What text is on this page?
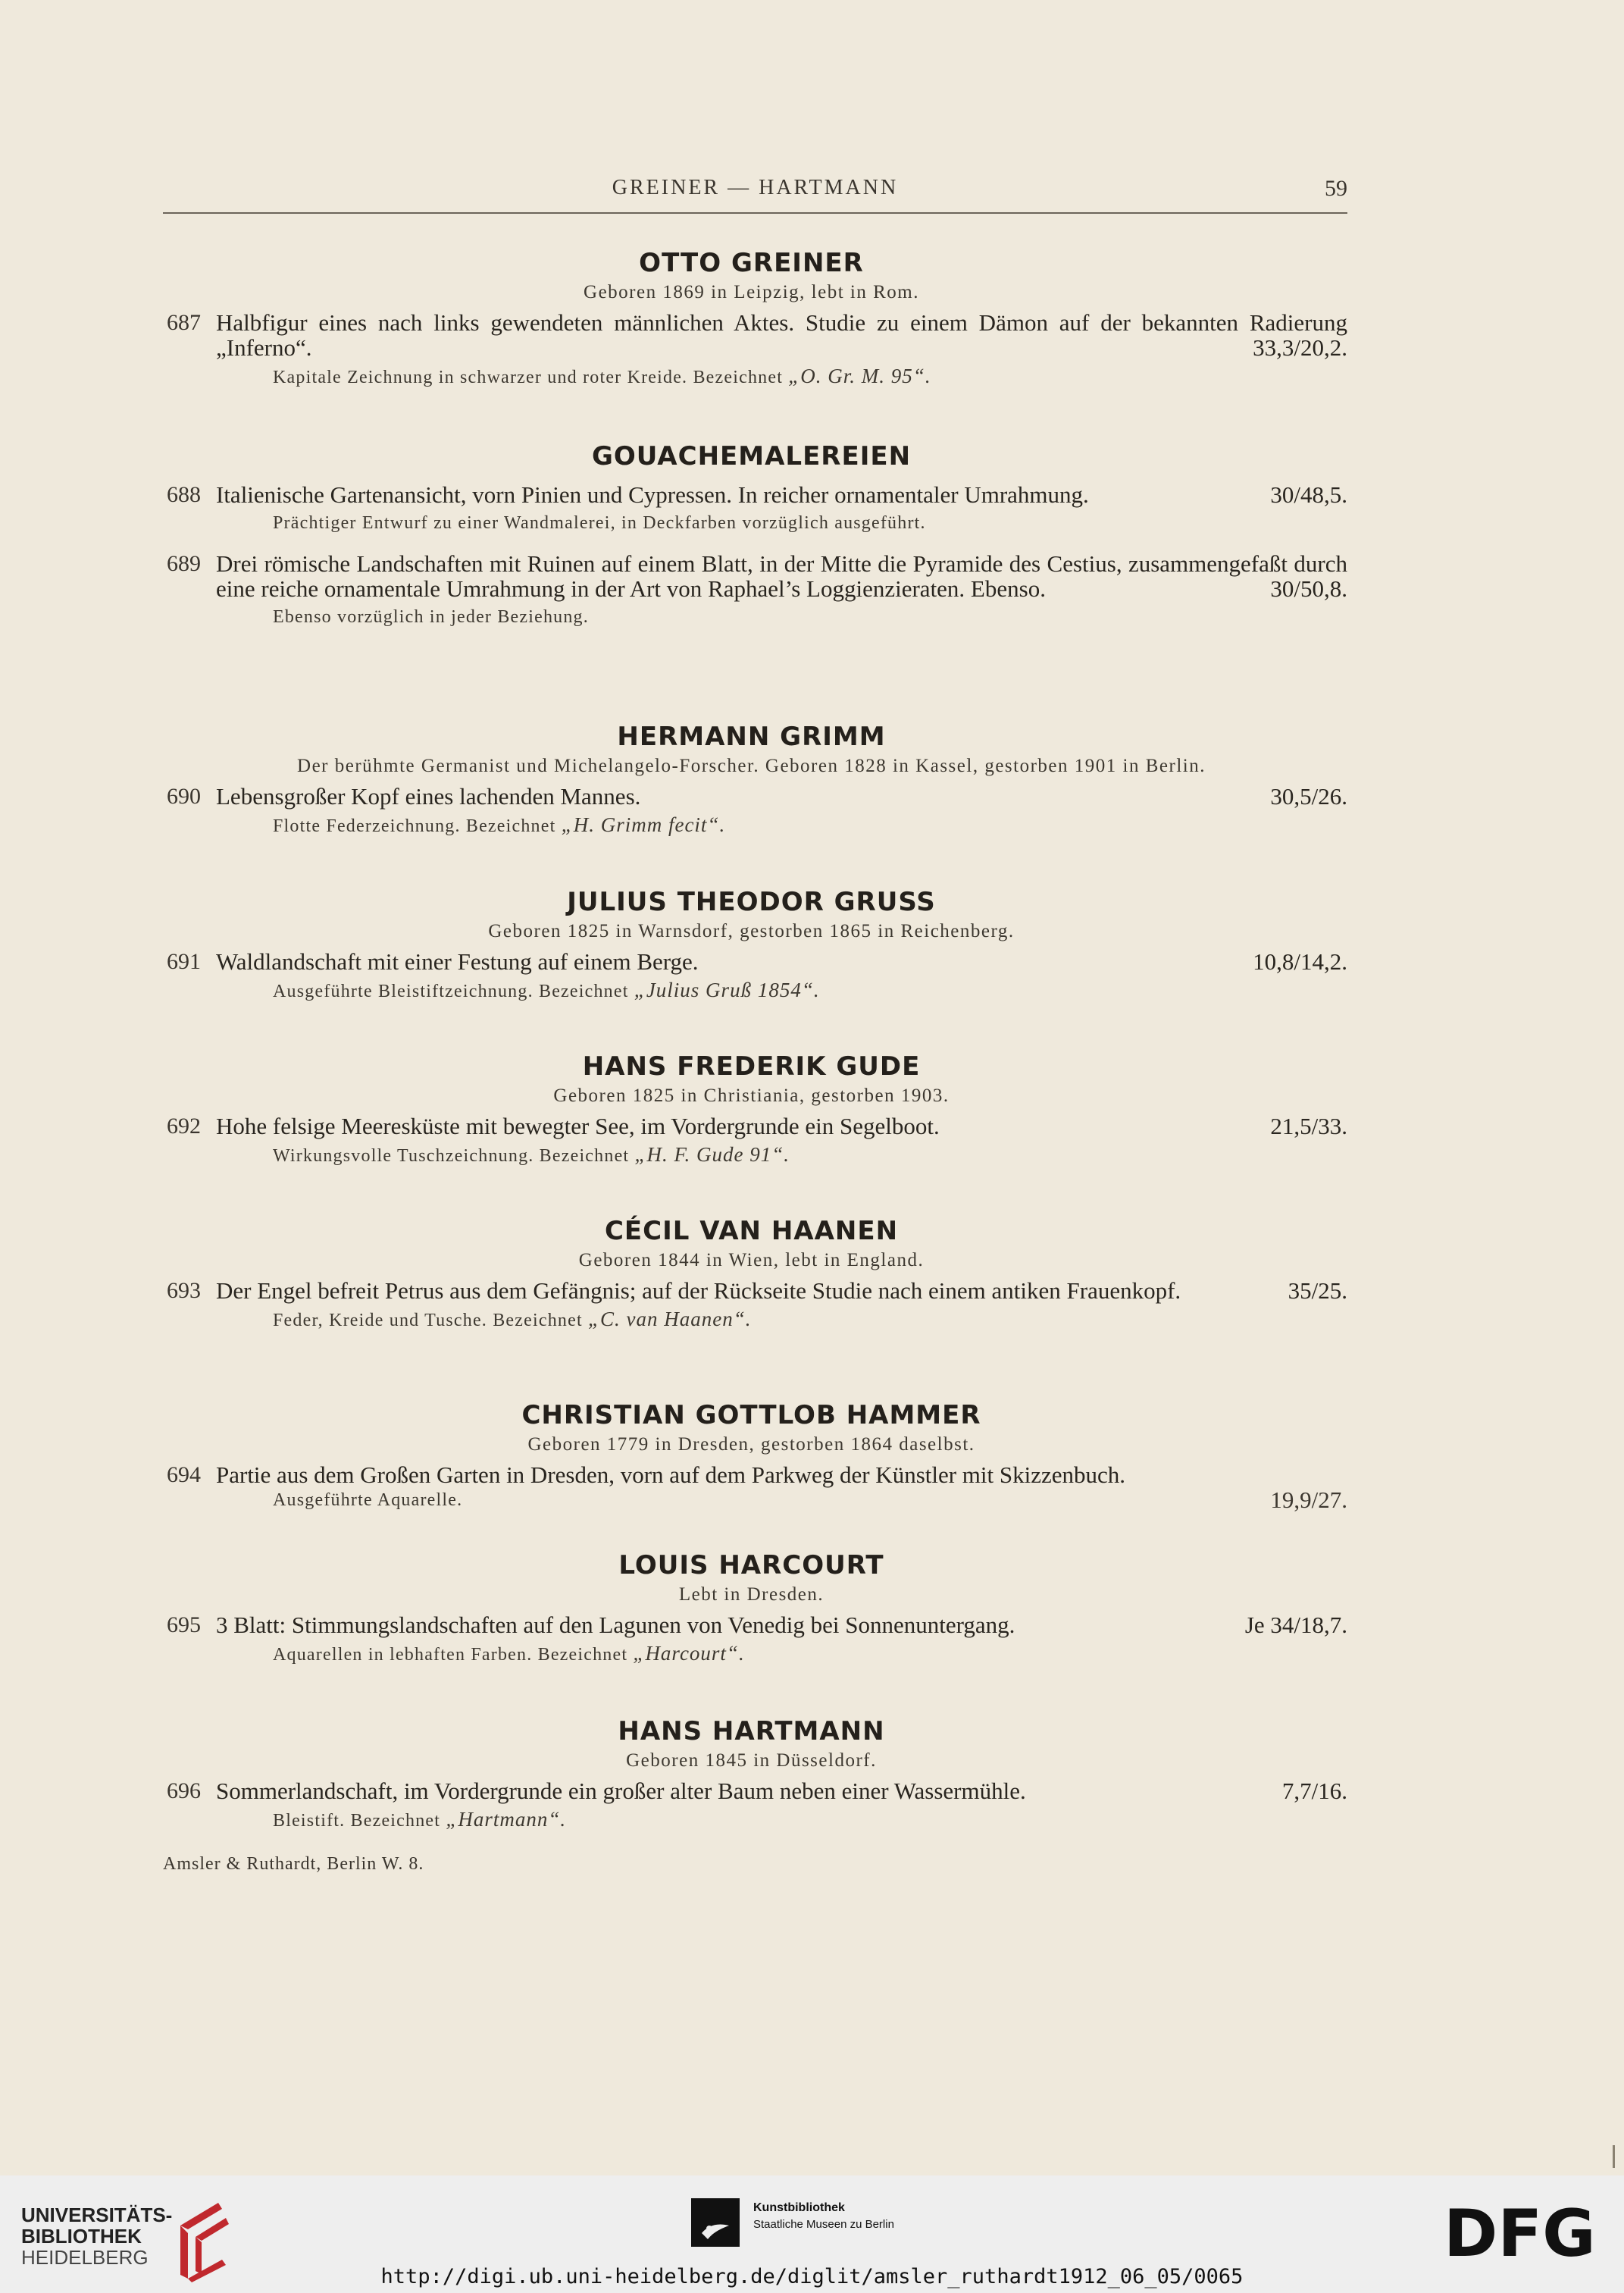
GREINER — HARTMANN	59
OTTO GREINER
Geboren 1869 in Leipzig, lebt in Rom.
687 Halbfigur eines nach links gewendeten männlichen Aktes. Studie zu einem Dämon auf der bekannten Radierung „Inferno“.	33,3/20,2.
Kapitale Zeichnung in schwarzer und roter Kreide. Bezeichnet „O. Gr. M. 95“.
GOUACHEMALEREIEN
688 Italienische Gartenansicht, vorn Pinien und Cypressen. In reicher ornamentaler Umrahmung.	30/48,5.
Prächtiger Entwurf zu einer Wandmalerei, in Deckfarben vorzüglich ausgeführt.
689 Drei römische Landschaften mit Ruinen auf einem Blatt, in der Mitte die Pyramide des Cestius, zusammengefaßt durch eine reiche ornamentale Umrahmung in der Art von Raphael’s Loggienzieraten. Ebenso.	30/50,8.
Ebenso vorzüglich in jeder Beziehung.
HERMANN GRIMM
Der berühmte Germanist und Michelangelo-Forscher. Geboren 1828 in Kassel, gestorben 1901 in Berlin.
690 Lebensgroßer Kopf eines lachenden Mannes.	30,5/26.
Flotte Federzeichnung. Bezeichnet „H. Grimm fecit“.
JULIUS THEODOR GRUSS
Geboren 1825 in Warnsdorf, gestorben 1865 in Reichenberg.
691 Waldlandschaft mit einer Festung auf einem Berge.	10,8/14,2.
Ausgeführte Bleistiftzeichnung. Bezeichnet „Julius Gruß 1854“.
HANS FREDERIK GUDE
Geboren 1825 in Christiania, gestorben 1903.
692 Hohe felsige Meeresküste mit bewegter See, im Vordergrunde ein Segelboot.	21,5/33.
Wirkungsvolle Tuschzeichnung. Bezeichnet „H. F. Gude 91“.
CÉCIL VAN HAANEN
Geboren 1844 in Wien, lebt in England.
693 Der Engel befreit Petrus aus dem Gefängnis; auf der Rückseite Studie nach einem antiken Frauenkopf.	35/25.
Feder, Kreide und Tusche. Bezeichnet „C. van Haanen“.
CHRISTIAN GOTTLOB HAMMER
Geboren 1779 in Dresden, gestorben 1864 daselbst.
694 Partie aus dem Großen Garten in Dresden, vorn auf dem Parkweg der Künstler mit Skizzenbuch.
Ausgeführte Aquarelle.	19,9/27.
LOUIS HARCOURT
Lebt in Dresden.
695 3 Blatt: Stimmungslandschaften auf den Lagunen von Venedig bei Sonnenuntergang.	Je 34/18,7.
Aquarellen in lebhaften Farben. Bezeichnet „Harcourt“.
HANS HARTMANN
Geboren 1845 in Düsseldorf.
696 Sommerlandschaft, im Vordergrunde ein großer alter Baum neben einer Wassermühle.	7,7/16.
Bleistift. Bezeichnet „Hartmann“.
Amsler & Ruthardt, Berlin W. 8.
UNIVERSITÄTS-
BIBLIOTHEK
HEIDELBERG
Kunstbibliothek
Staatliche Museen zu Berlin	DFG
http://digi.ub.uni-heidelberg.de/diglit/amsler_ruthardt1912_06_05/0065
